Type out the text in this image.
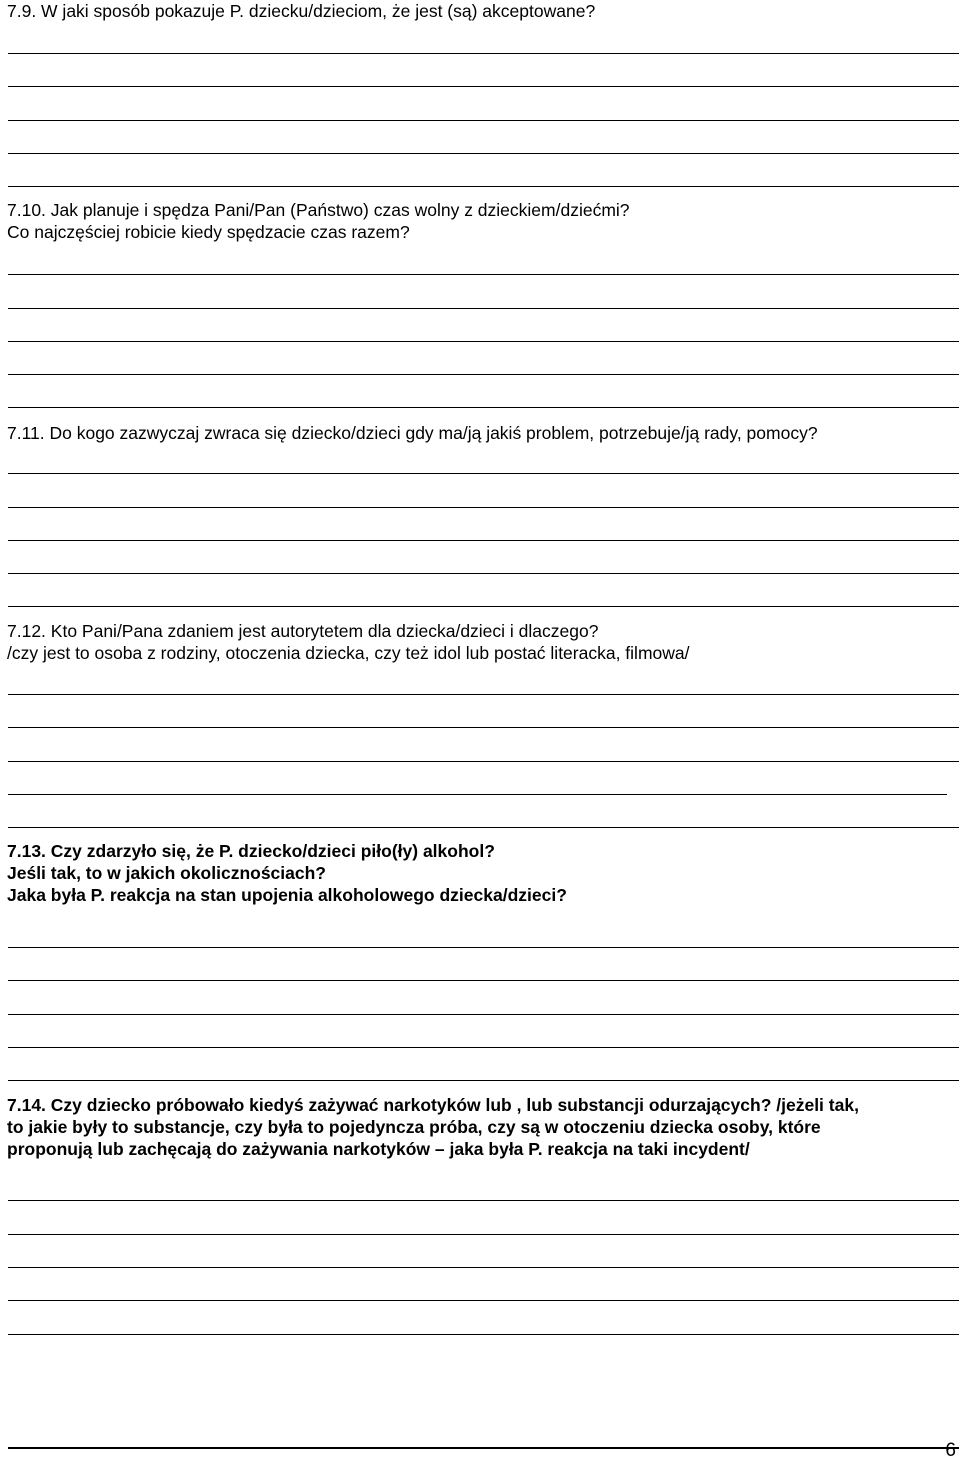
7.9. W jaki sposób pokazuje P. dziecku/dzieciom, że jest (są) akceptowane?
7.10. Jak planuje i spędza Pani/Pan (Państwo) czas wolny z dzieckiem/dziećmi?
Co najczęściej robicie kiedy spędzacie czas razem?
7.11. Do kogo zazwyczaj zwraca się dziecko/dzieci gdy ma/ją jakiś problem, potrzebuje/ją rady, pomocy?
7.12. Kto Pani/Pana zdaniem jest autorytetem dla dziecka/dzieci i dlaczego?
/czy jest to osoba z rodziny, otoczenia dziecka, czy też idol lub postać literacka, filmowa/
7.13. Czy zdarzyło się, że P. dziecko/dzieci piło(ły) alkohol?
Jeśli tak, to w jakich okolicznościach?
Jaka była P. reakcja na stan upojenia alkoholowego dziecka/dzieci?
7.14. Czy dziecko próbowało kiedyś zażywać narkotyków lub , lub substancji odurzających? /jeżeli tak,
to jakie były to substancje, czy była to pojedyncza próba, czy są w otoczeniu dziecka osoby, które
proponują lub zachęcają do zażywania narkotyków – jaka była P. reakcja na taki incydent/
6
